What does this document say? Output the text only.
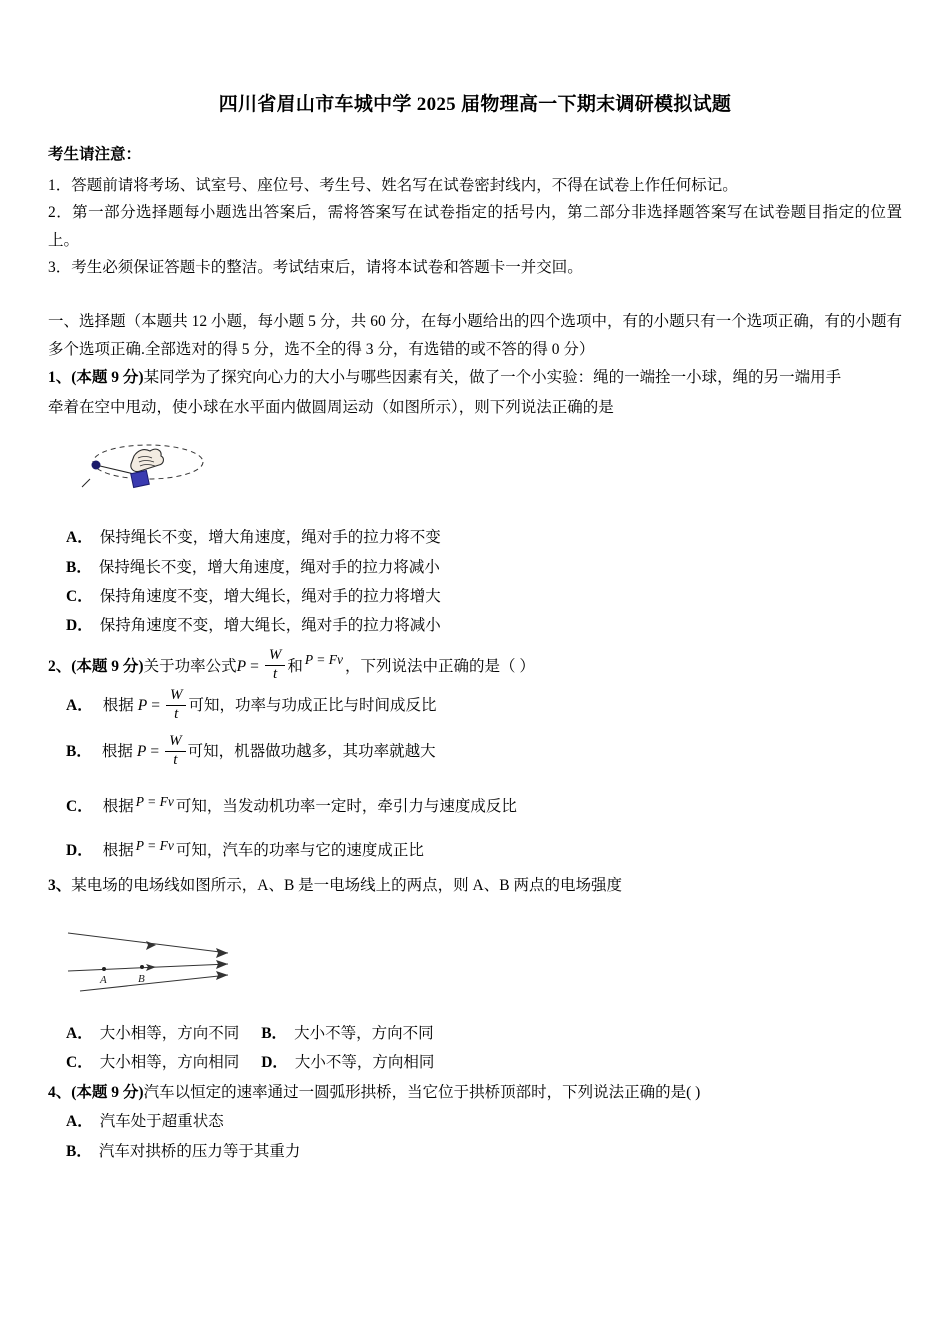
四川省眉山市车城中学 2025 届物理高一下期末调研模拟试题
考生请注意：
1．答题前请将考场、试室号、座位号、考生号、姓名写在试卷密封线内，不得在试卷上作任何标记。
2．第一部分选择题每小题选出答案后，需将答案写在试卷指定的括号内，第二部分非选择题答案写在试卷题目指定的位置上。
3．考生必须保证答题卡的整洁。考试结束后，请将本试卷和答题卡一并交回。
一、选择题（本题共 12 小题，每小题 5 分，共 60 分，在每小题给出的四个选项中，有的小题只有一个选项正确，有的小题有多个选项正确.全部选对的得 5 分，选不全的得 3 分，有选错的或不答的得 0 分）
1、(本题 9 分)某同学为了探究向心力的大小与哪些因素有关，做了一个小实验：绳的一端拴一小球，绳的另一端用手
牵着在空中甩动，使小球在水平面内做圆周运动（如图所示），则下列说法正确的是
A． 保持绳长不变，增大角速度，绳对手的拉力将不变
B． 保持绳长不变，增大角速度，绳对手的拉力将减小
C． 保持角速度不变，增大绳长，绳对手的拉力将增大
D． 保持角速度不变，增大绳长，绳对手的拉力将减小
2、 (本题 9 分) 关于功率公式 $P = \frac{W}{t}$ 和 P = Fv ，下列说法中正确的是（ ）
A． 根据 $P = \frac{W}{t}$ 可知，功率与功成正比与时间成反比
B． 根据 $P = \frac{W}{t}$ 可知，机器做功越多，其功率就越大
C． 根据 P = Fv 可知，当发动机功率一定时，牵引力与速度成反比
D． 根据 P = Fv 可知，汽车的功率与它的速度成正比
3、某电场的电场线如图所示，A、B 是一电场线上的两点，则 A、B 两点的电场强度
A	B
A． 大小相等，方向不同 B． 大小不等，方向不同
C． 大小相等，方向相同 D． 大小不等，方向相同
4、(本题 9 分)汽车以恒定的速率通过一圆弧形拱桥，当它位于拱桥顶部时，下列说法正确的是( )
A． 汽车处于超重状态
B． 汽车对拱桥的压力等于其重力
